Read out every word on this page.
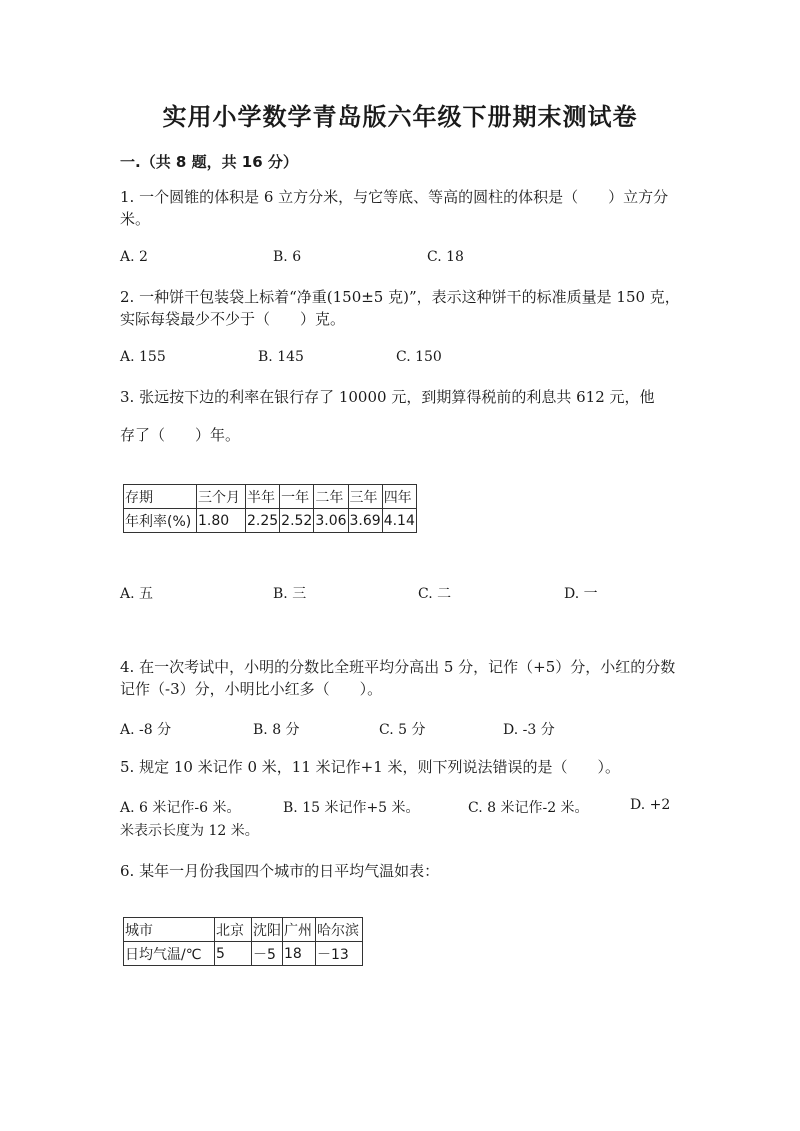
实用小学数学青岛版六年级下册期末测试卷
一.（共 8 题，共 16 分）
1. 一个圆锥的体积是 6 立方分米，与它等底、等高的圆柱的体积是（　　）立方分米。
A. 2	B. 6	C. 18
2. 一种饼干包装袋上标着“净重(150±5 克)”，表示这种饼干的标准质量是 150 克，实际每袋最少不少于（　　）克。
A. 155	B. 145	C. 150
3. 张远按下边的利率在银行存了 10000 元，到期算得税前的利息共 612 元，他
存了（　　）年。
存期	三个月	半年	一年	二年	三年	四年
年利率(%)	1.80	2.25	2.52	3.06	3.69	4.14
A. 五	B. 三	C. 二	D. 一
4. 在一次考试中，小明的分数比全班平均分高出 5 分，记作（+5）分，小红的分数记作（-3）分，小明比小红多（　　）。
A. -8 分	B. 8 分	C. 5 分	D. -3 分
5. 规定 10 米记作 0 米，11 米记作+1 米，则下列说法错误的是（　　）。
A. 6 米记作-6 米。	B. 15 米记作+5 米。	C. 8 米记作-2 米。	D. +2
米表示长度为 12 米。
6. 某年一月份我国四个城市的日平均气温如表：
城市	北京	沈阳	广州	哈尔滨
日均气温/℃	5	－5	18	－13
